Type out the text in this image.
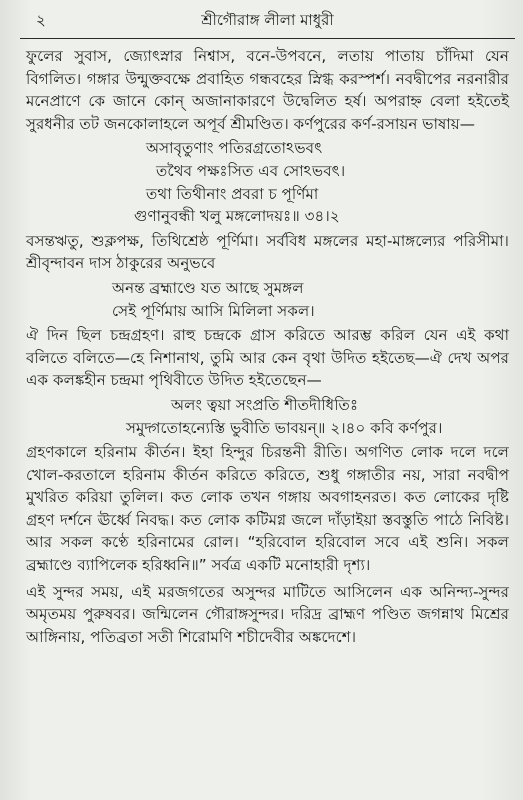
২	শ্রীগৌরাঙ্গ লীলা মাধুরী

ফুলের সুবাস, জ্যোৎস্নার নিশ্বাস, বনে-উপবনে, লতায় পাতায় চাঁদিমা যেন বিগলিত। গঙ্গার উন্মুক্তবক্ষে প্রবাহিত গন্ধবহের স্নিগ্ধ করস্পর্শ। নবদ্বীপের নরনারীর মনেপ্রাণে কে জানে কোন্ অজানাকারণে উদ্বেলিত হর্ষ। অপরাহ্ন বেলা হইতেই সুরধনীর তট জনকোলাহলে অপূর্ব শ্রীমণ্ডিত। কর্ণপুরের কর্ণ-রসায়ন ভাষায়—

অসাবৃতুণাং পতিরগ্রতোঽভবৎ
তথৈব পক্ষঃসিত এব সোঽভবৎ।
তথা তিথীনাং প্রবরা চ পূর্ণিমা
গুণানুবন্ধী খলু মঙ্গলোদয়ঃ॥ ৩৪।২

বসন্তঋতু, শুক্লপক্ষ, তিথিশ্রেষ্ঠ পূর্ণিমা। সর্ববিধ মঙ্গলের মহা-মাঙ্গল্যের পরিসীমা। শ্রীবৃন্দাবন দাস ঠাকুরের অনুভবে

অনন্ত ব্রহ্মাণ্ডে যত আছে সুমঙ্গল
সেই পূর্ণিমায় আসি মিলিলা সকল।

ঐ দিন ছিল চন্দ্রগ্রহণ। রাহু চন্দ্রকে গ্রাস করিতে আরম্ভ করিল যেন এই কথা বলিতে বলিতে—হে নিশানাথ, তুমি আর কেন বৃথা উদিত হইতেছ—ঐ দেখ অপর এক কলঙ্কহীন চন্দ্রমা পৃথিবীতে উদিত হইতেছেন—

অলং ত্বয়া সংপ্রতি শীতদীধিতিঃ
সমুদ্গতোহন্যেস্তি ভুবীতি ভাবয়ন্॥ ২।৪০ কবি কর্ণপুর।

গ্রহণকালে হরিনাম কীর্তন। ইহা হিন্দুর চিরন্তনী রীতি। অগণিত লোক দলে দলে খোল-করতালে হরিনাম কীর্তন করিতে করিতে, শুধু গঙ্গাতীর নয়, সারা নবদ্বীপ মুখরিত করিয়া তুলিল। কত লোক তখন গঙ্গায় অবগাহনরত। কত লোকের দৃষ্টি গ্রহণ দর্শনে ঊর্ধ্বে নিবদ্ধ। কত লোক কটিমগ্ন জলে দাঁড়াইয়া স্তবস্তুতি পাঠে নিবিষ্ট। আর সকল কণ্ঠে হরিনামের রোল। “হরিবোল হরিবোল সবে এই শুনি। সকল ব্রহ্মাণ্ডে ব্যাপিলেক হরিধ্বনি॥” সর্বত্র একটি মনোহারী দৃশ্য।

এই সুন্দর সময়, এই মরজগতের অসুন্দর মাটিতে আসিলেন এক অনিন্দ্য-সুন্দর অমৃতময় পুরুষবর। জন্মিলেন গৌরাঙ্গসুন্দর। দরিদ্র ব্রাহ্মণ পণ্ডিত জগন্নাথ মিশ্রের আঙ্গিনায়, পতিব্রতা সতী শিরোমণি শচীদেবীর অঙ্কদেশে।
